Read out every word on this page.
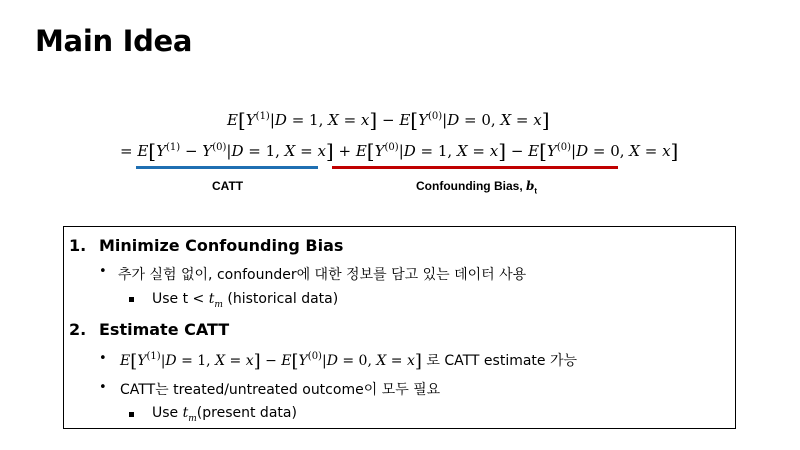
Main Idea
$E[Y^{(1)}|D = 1$, $X = x] - E[Y^{(0)}|D = 0$, X = x]
= $E[Y^{(1)} - Y^{(0)}|D = 1$, $X = x] + E[Y^{(0)}|D = 1$, $X = x] - E[Y^{(0)}|D = 0$, X = x]
CATT	Confounding Bias, $b_t$
1. Minimize Confounding Bias
• 추가 실험 없이, confounder에 대한 정보를 담고 있는 데이터 사용
Use $t < t_m$ (historical data)
2. Estimate CATT
• $E[Y^{(1)}|D = 1$, $X = x] - E[Y^{(0)}|D = 0$, X = x] 로 CATT estimate 가능
• CATT는 treated/untreated outcome이 모두 필요
Use $t_m(present$ data)
